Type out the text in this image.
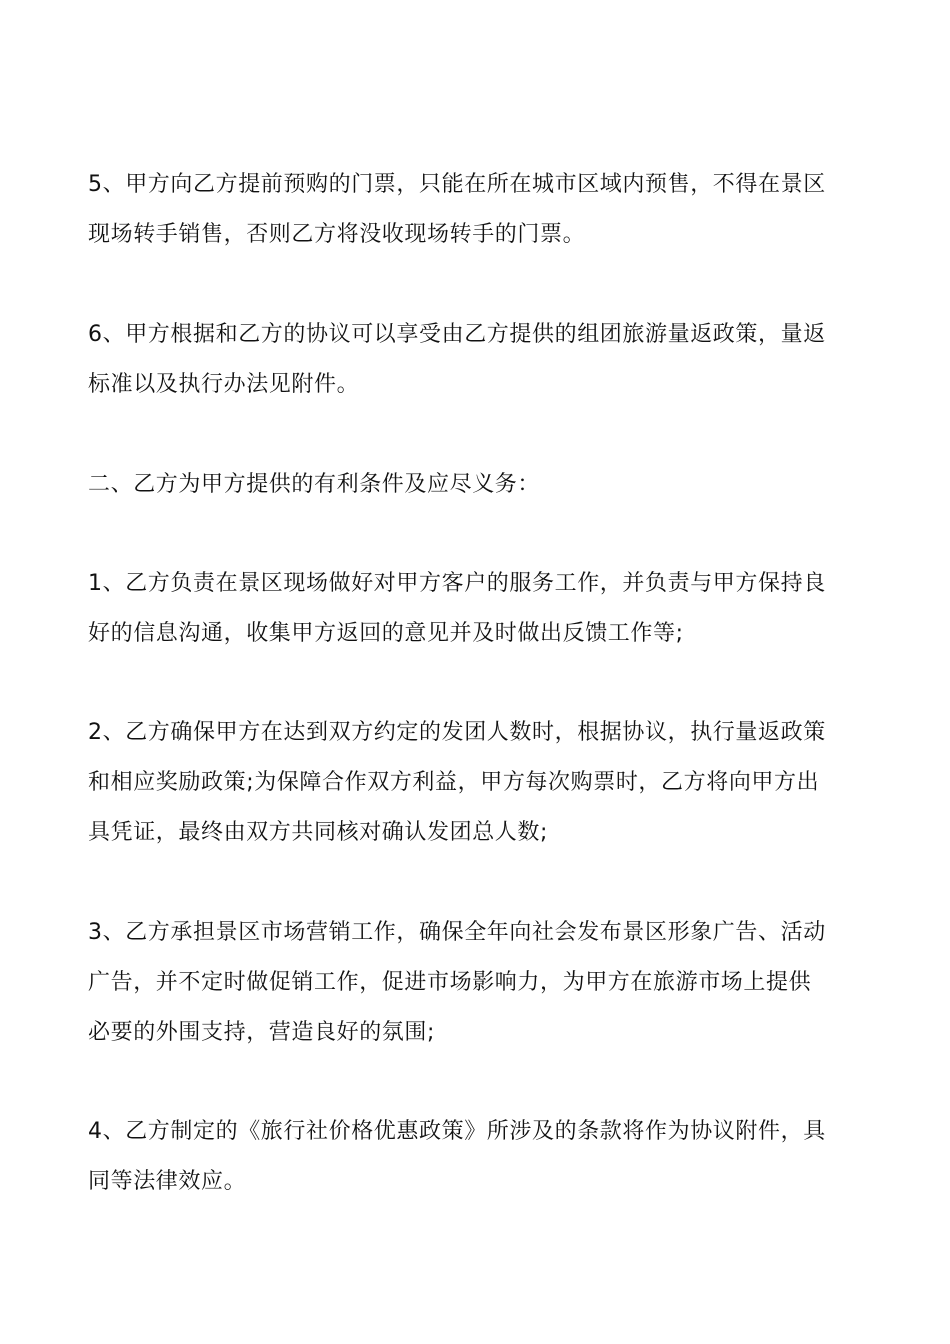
5、甲方向乙方提前预购的门票，只能在所在城市区域内预售，不得在景区
现场转手销售，否则乙方将没收现场转手的门票。

6、甲方根据和乙方的协议可以享受由乙方提供的组团旅游量返政策，量返
标准以及执行办法见附件。

二、乙方为甲方提供的有利条件及应尽义务：

1、乙方负责在景区现场做好对甲方客户的服务工作，并负责与甲方保持良
好的信息沟通，收集甲方返回的意见并及时做出反馈工作等;

2、乙方确保甲方在达到双方约定的发团人数时，根据协议，执行量返政策
和相应奖励政策;为保障合作双方利益，甲方每次购票时，乙方将向甲方出
具凭证，最终由双方共同核对确认发团总人数;

3、乙方承担景区市场营销工作，确保全年向社会发布景区形象广告、活动
广告，并不定时做促销工作，促进市场影响力，为甲方在旅游市场上提供
必要的外围支持，营造良好的氛围;

4、乙方制定的《旅行社价格优惠政策》所涉及的条款将作为协议附件，具
同等法律效应。
